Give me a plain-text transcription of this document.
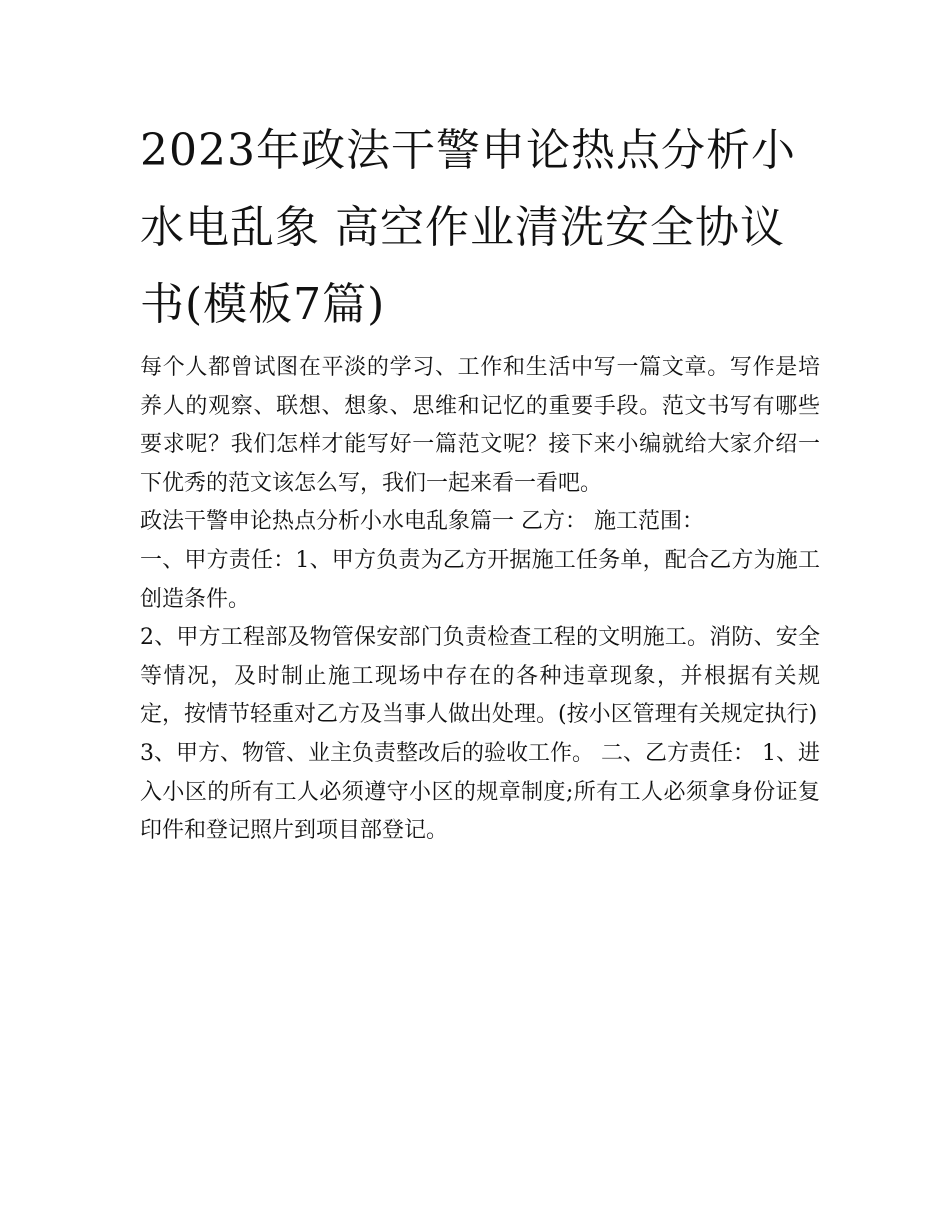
2023年政法干警申论热点分析小水电乱象 高空作业清洗安全协议书(模板7篇)

每个人都曾试图在平淡的学习、工作和生活中写一篇文章。写作是培养人的观察、联想、想象、思维和记忆的重要手段。范文书写有哪些要求呢？我们怎样才能写好一篇范文呢？接下来小编就给大家介绍一下优秀的范文该怎么写，我们一起来看一看吧。

政法干警申论热点分析小水电乱象篇一 乙方： 施工范围：

一、甲方责任：1、甲方负责为乙方开据施工任务单，配合乙方为施工 创造条件。

2、甲方工程部及物管保安部门负责检查工程的文明施工。消防、安全等情况，及时制止施工现场中存在的各种违章现象，并根据有关规定，按情节轻重对乙方及当事人做出处理。(按小区管理有关规定执行)

3、甲方、物管、业主负责整改后的验收工作。 二、乙方责任： 1、进入小区的所有工人必须遵守小区的规章制度;所有工人必须拿身份证复印件和登记照片到项目部登记。
